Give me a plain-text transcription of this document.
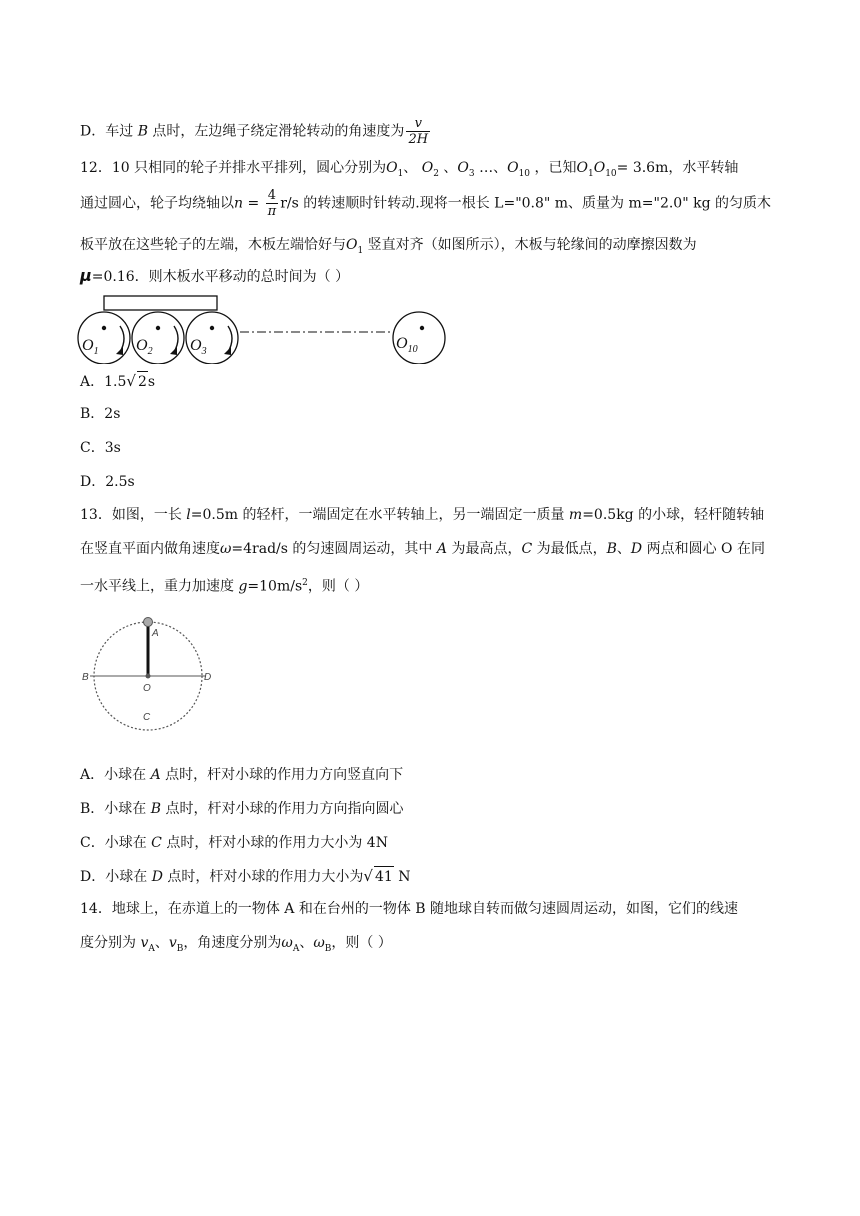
D．车过 B 点时，左边绳子绕定滑轮转动的角速度为 $\frac{v}{2H}$
12．10 只相同的轮子并排水平排列，圆心分别为$O_1$、 $O_2$ 、$O_3$ …、$O_{10}$ ，已知$O_1O_{10}= 3.6m$，水平转轴
通过圆心，轮子均绕轴以$n = \frac{4}{\pi} r/s$ 的转速顺时针转动.现将一根长 L="0.8" m、质量为 m="2.0" kg 的匀质木
板平放在这些轮子的左端，木板左端恰好与$O_1$ 竖直对齐（如图所示），木板与轮缘间的动摩擦因数为
μ=0.16．则木板水平移动的总时间为（ ）
$O_1$ $O_2$ $O_3$	$O_{10}$
A．1.5√ 2s
B．2s
C．3s
D．2.5s
13．如图，一长 l=0.5m 的轻杆，一端固定在水平转轴上，另一端固定一质量 m=0.5kg 的小球，轻杆随转轴
在竖直平面内做角速度ω=4rad/s 的匀速圆周运动，其中 A 为最高点，C 为最低点，B、D 两点和圆心 O 在同
一水平线上，重力加速度 $g=10m/s^2$，则（ ）
A
B	D
O
C
A．小球在 A 点时，杆对小球的作用力方向竖直向下
B．小球在 B 点时，杆对小球的作用力方向指向圆心
C．小球在 C 点时，杆对小球的作用力大小为 4N
D．小球在 D 点时，杆对小球的作用力大小为√ 41 N
14．地球上，在赤道上的一物体 A 和在台州的一物体 B 随地球自转而做匀速圆周运动，如图，它们的线速
度分别为 $v_A$、$v_B$，角速度分别为$\omega_A$、$\omega_B$，则（ ）
